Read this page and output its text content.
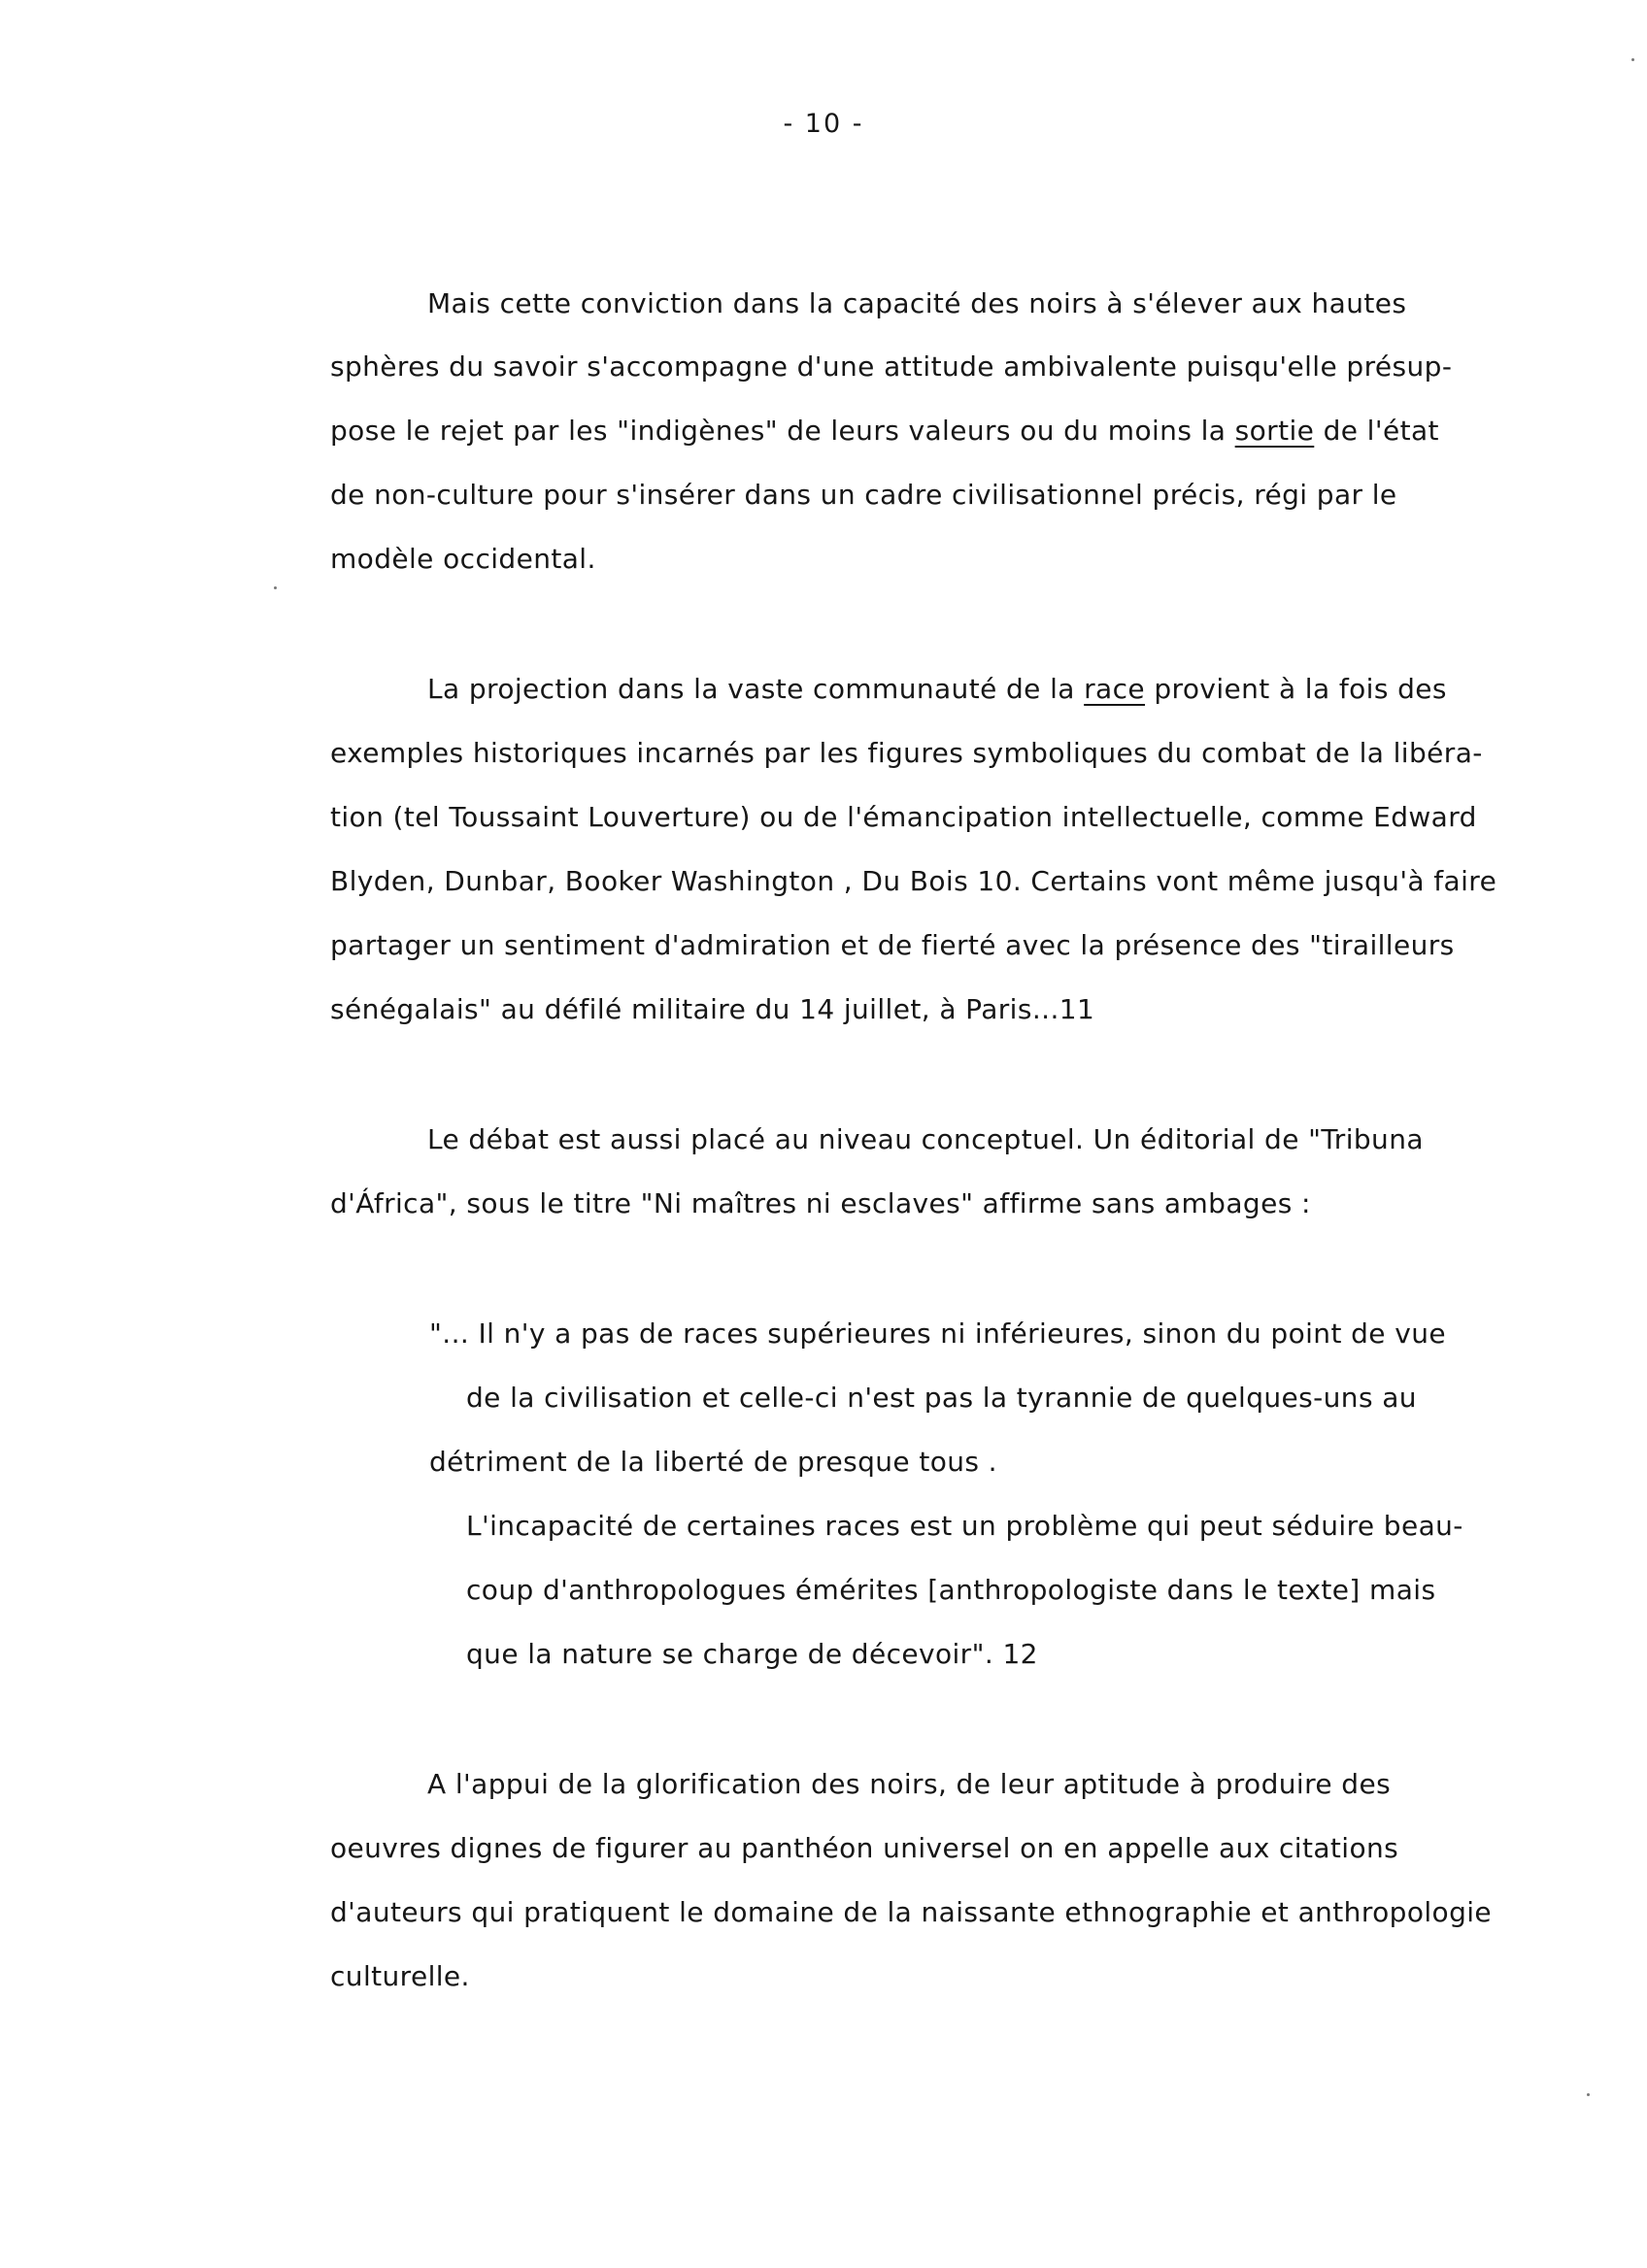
- 10 -
Mais cette conviction dans la capacité des noirs à s'élever aux hautes
sphères du savoir s'accompagne d'une attitude ambivalente puisqu'elle présup-
pose le rejet par les "indigènes" de leurs valeurs ou du moins la sortie de l'état
de non-culture pour s'insérer dans un cadre civilisationnel précis, régi par le
modèle occidental.
La projection dans la vaste communauté de la race provient à la fois des
exemples historiques incarnés par les figures symboliques du combat de la libéra-
tion (tel Toussaint Louverture) ou de l'émancipation intellectuelle, comme Edward
Blyden, Dunbar, Booker Washington , Du Bois 10. Certains vont même jusqu'à faire
partager un sentiment d'admiration et de fierté avec la présence des "tirailleurs
sénégalais" au défilé militaire du 14 juillet, à Paris...11
Le débat est aussi placé au niveau conceptuel. Un éditorial de "Tribuna
d'África", sous le titre "Ni maîtres ni esclaves" affirme sans ambages :
"... Il n'y a pas de races supérieures ni inférieures, sinon du point de vue
de la civilisation et celle-ci n'est pas la tyrannie de quelques-uns au
détriment de la liberté de presque tous .
L'incapacité de certaines races est un problème qui peut séduire beau-
coup d'anthropologues émérites [anthropologiste dans le texte] mais
que la nature se charge de décevoir". 12
A l'appui de la glorification des noirs, de leur aptitude à produire des
oeuvres dignes de figurer au panthéon universel on en appelle aux citations
d'auteurs qui pratiquent le domaine de la naissante ethnographie et anthropologie
culturelle.
